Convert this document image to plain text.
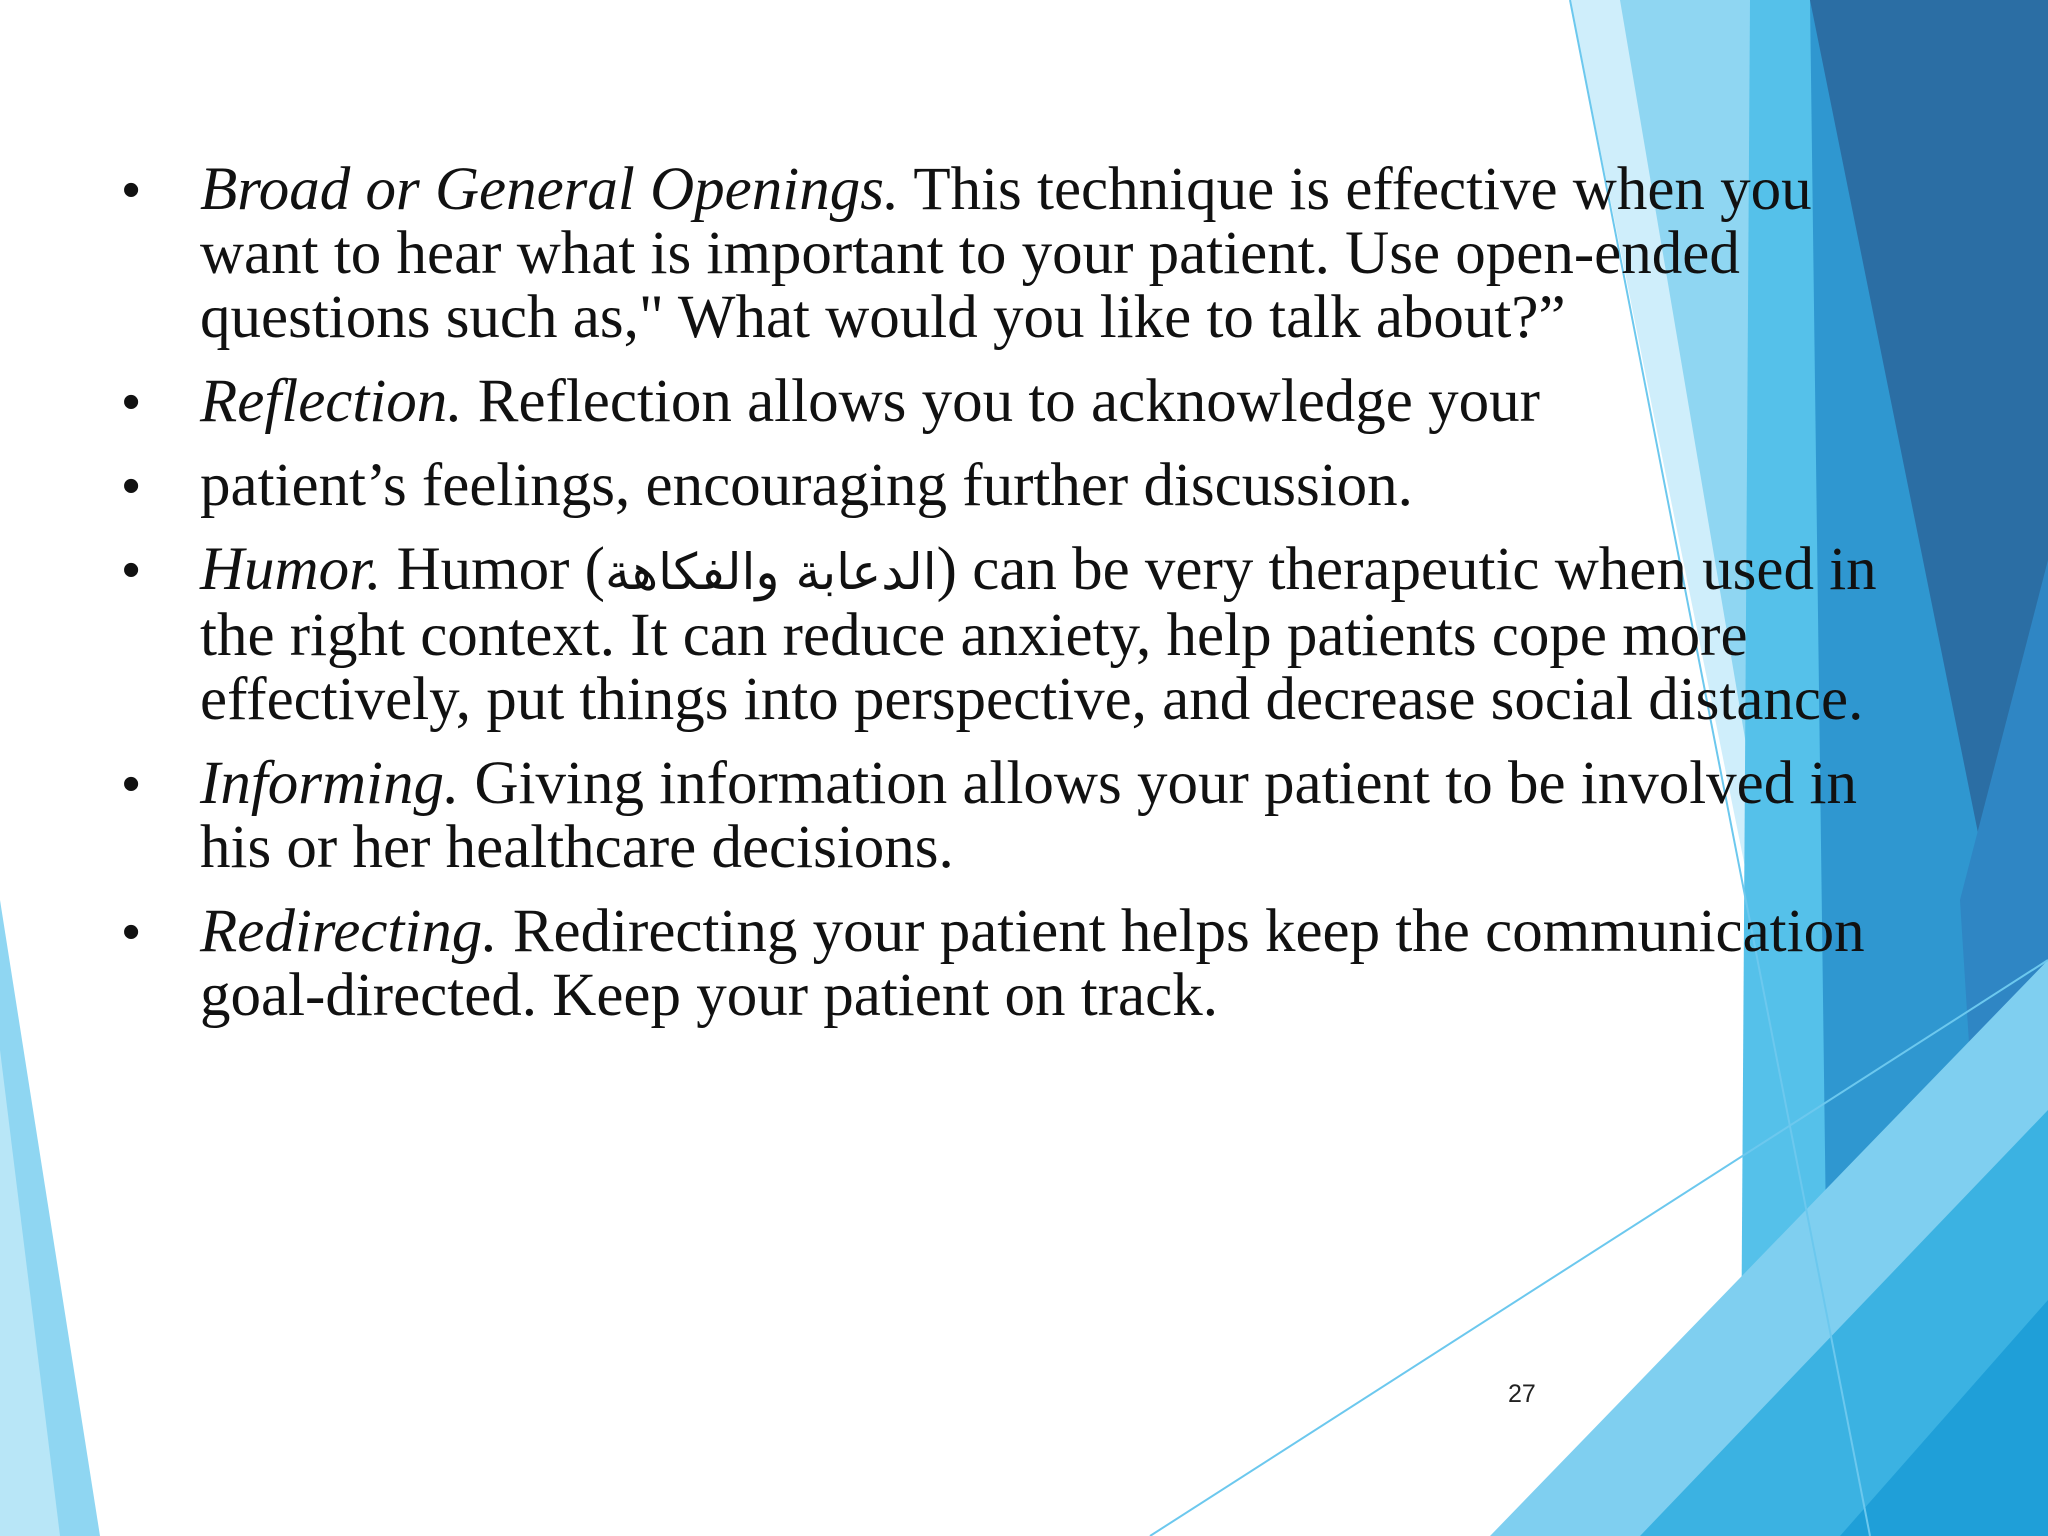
• Broad or General Openings. This technique is effective when you want to hear what is important to your patient. Use open-ended questions such as," What would you like to talk about?”
• Reflection. Reflection allows you to acknowledge your
• patient’s feelings, encouraging further discussion.
• Humor. Humor (الدعابة والفكاهة) can be very therapeutic when used in the right context. It can reduce anxiety, help patients cope more effectively, put things into perspective, and decrease social distance.
• Informing. Giving information allows your patient to be involved in his or her healthcare decisions.
• Redirecting. Redirecting your patient helps keep the communication goal-directed. Keep your patient on track.
27
